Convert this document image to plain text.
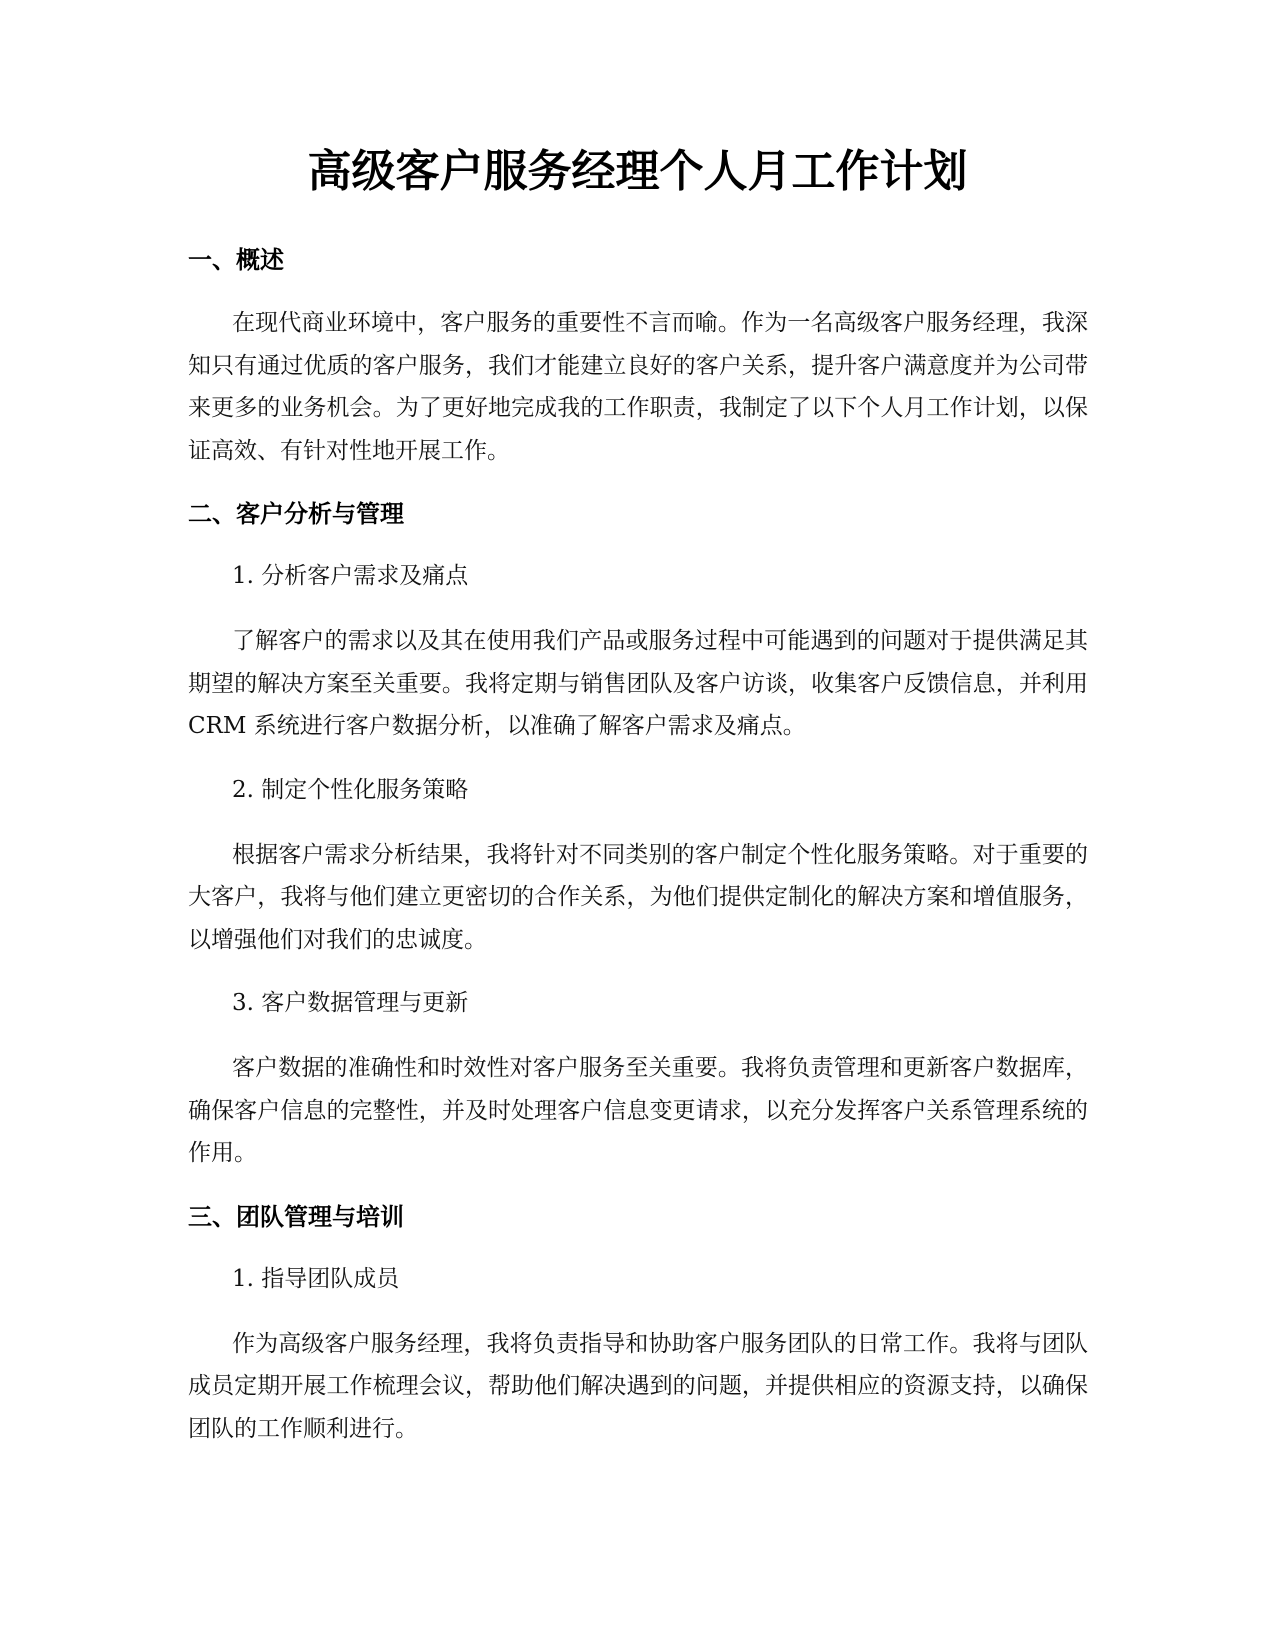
高级客户服务经理个人月工作计划
一、概述

在现代商业环境中，客户服务的重要性不言而喻。作为一名高级客户服务经理，我深知只有通过优质的客户服务，我们才能建立良好的客户关系，提升客户满意度并为公司带来更多的业务机会。为了更好地完成我的工作职责，我制定了以下个人月工作计划，以保证高效、有针对性地开展工作。

二、客户分析与管理

1. 分析客户需求及痛点

了解客户的需求以及其在使用我们产品或服务过程中可能遇到的问题对于提供满足其期望的解决方案至关重要。我将定期与销售团队及客户访谈，收集客户反馈信息，并利用 CRM 系统进行客户数据分析，以准确了解客户需求及痛点。

2. 制定个性化服务策略

根据客户需求分析结果，我将针对不同类别的客户制定个性化服务策略。对于重要的大客户，我将与他们建立更密切的合作关系，为他们提供定制化的解决方案和增值服务，以增强他们对我们的忠诚度。

3. 客户数据管理与更新

客户数据的准确性和时效性对客户服务至关重要。我将负责管理和更新客户数据库，确保客户信息的完整性，并及时处理客户信息变更请求，以充分发挥客户关系管理系统的作用。

三、团队管理与培训

1. 指导团队成员

作为高级客户服务经理，我将负责指导和协助客户服务团队的日常工作。我将与团队成员定期开展工作梳理会议，帮助他们解决遇到的问题，并提供相应的资源支持，以确保团队的工作顺利进行。
